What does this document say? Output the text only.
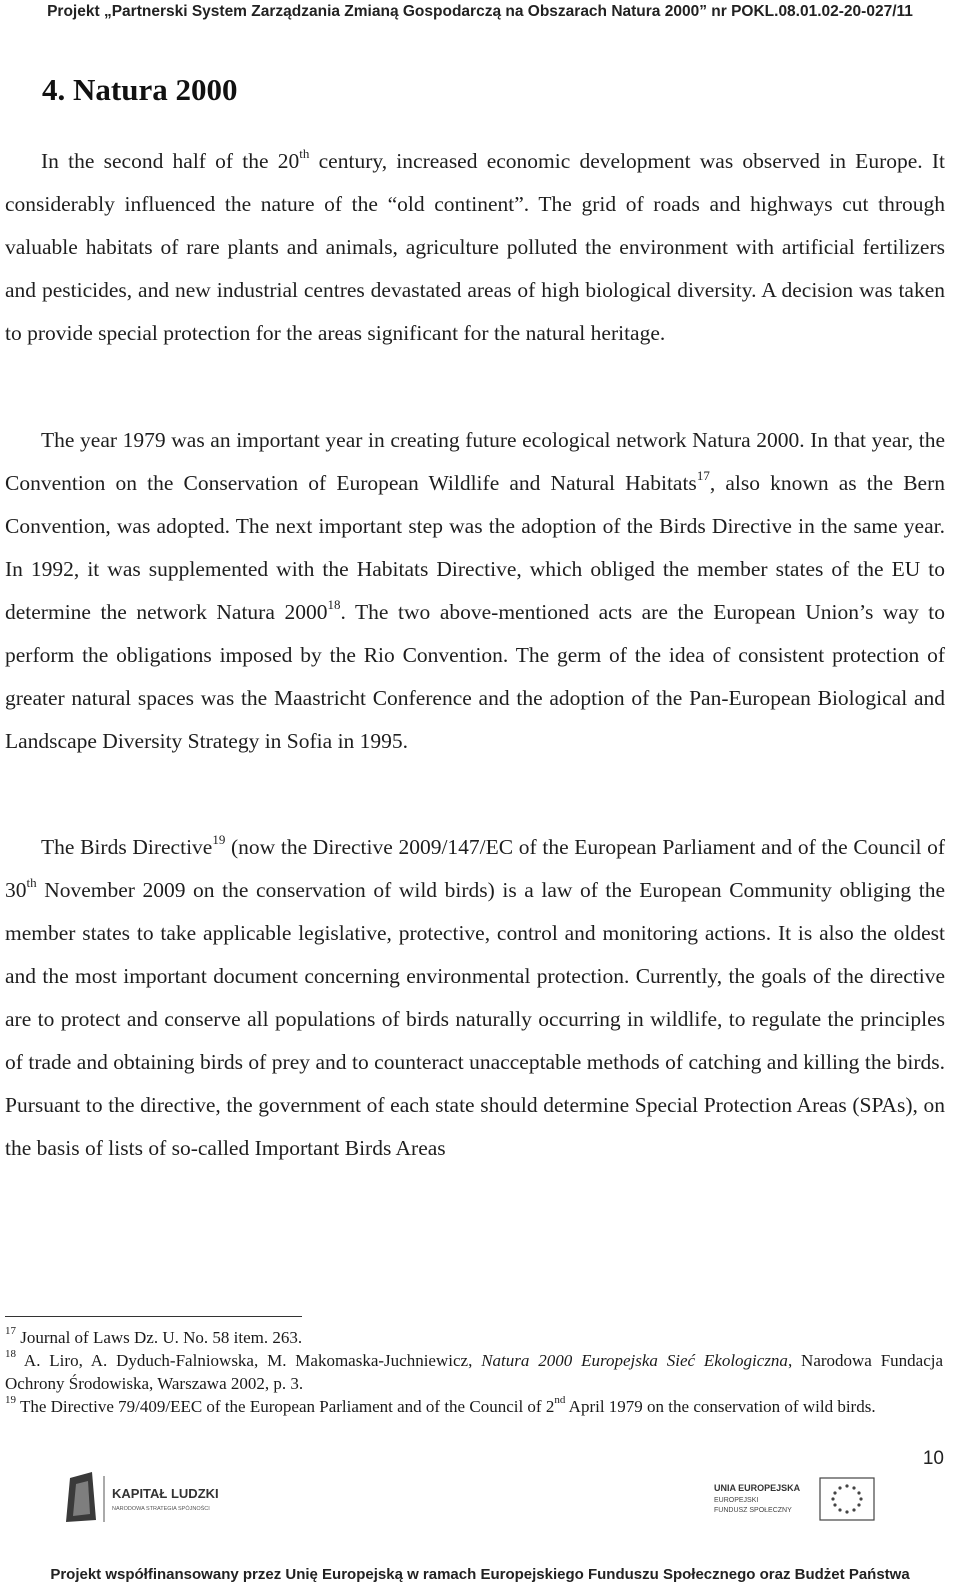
Projekt „Partnerski System Zarządzania Zmianą Gospodarczą na Obszarach Natura 2000” nr POKL.08.01.02-20-027/11
4. Natura 2000

In the second half of the 20th century, increased economic development was observed in Europe. It considerably influenced the nature of the “old continent”. The grid of roads and highways cut through valuable habitats of rare plants and animals, agriculture polluted the environment with artificial fertilizers and pesticides, and new industrial centres devastated areas of high biological diversity. A decision was taken to provide special protection for the areas significant for the natural heritage.

The year 1979 was an important year in creating future ecological network Natura 2000. In that year, the Convention on the Conservation of European Wildlife and Natural Habitats$^{17}$, also known as the Bern Convention, was adopted. The next important step was the adoption of the Birds Directive in the same year. In 1992, it was supplemented with the Habitats Directive, which obliged the member states of the EU to determine the network Natura 2000$^{18}$. The two above-mentioned acts are the European Union’s way to perform the obligations imposed by the Rio Convention. The germ of the idea of consistent protection of greater natural spaces was the Maastricht Conference and the adoption of the Pan-European Biological and Landscape Diversity Strategy in Sofia in 1995.

The Birds Directive$^{19}$ (now the Directive 2009/147/EC of the European Parliament and of the Council of 30th November 2009 on the conservation of wild birds) is a law of the European Community obliging the member states to take applicable legislative, protective, control and monitoring actions. It is also the oldest and the most important document concerning environmental protection. Currently, the goals of the directive are to protect and conserve all populations of birds naturally occurring in wildlife, to regulate the principles of trade and obtaining birds of prey and to counteract unacceptable methods of catching and killing the birds. Pursuant to the directive, the government of each state should determine Special Protection Areas (SPAs), on the basis of lists of so-called Important Birds Areas

$^{17}$ Journal of Laws Dz. U. No. 58 item. 263.

$^{18}$ A. Liro, A. Dyduch-Falniowska, M. Makomaska-Juchniewicz, Natura 2000 Europejska Sieć Ekologiczna, Narodowa Fundacja Ochrony Środowiska, Warszawa 2002, p. 3.

$^{19}$ The Directive 79/409/EEC of the European Parliament and of the Council of 2nd April 1979 on the conservation of wild birds.

10
KAPITAŁ LUDZKI
NARODOWA STRATEGIA SPÓJNOŚCI
UNIA EUROPEJSKA
EUROPEJSKI
FUNDUSZ SPOŁECZNY
Projekt współfinansowany przez Unię Europejską w ramach Europejskiego Funduszu Społecznego oraz Budżet Państwa
